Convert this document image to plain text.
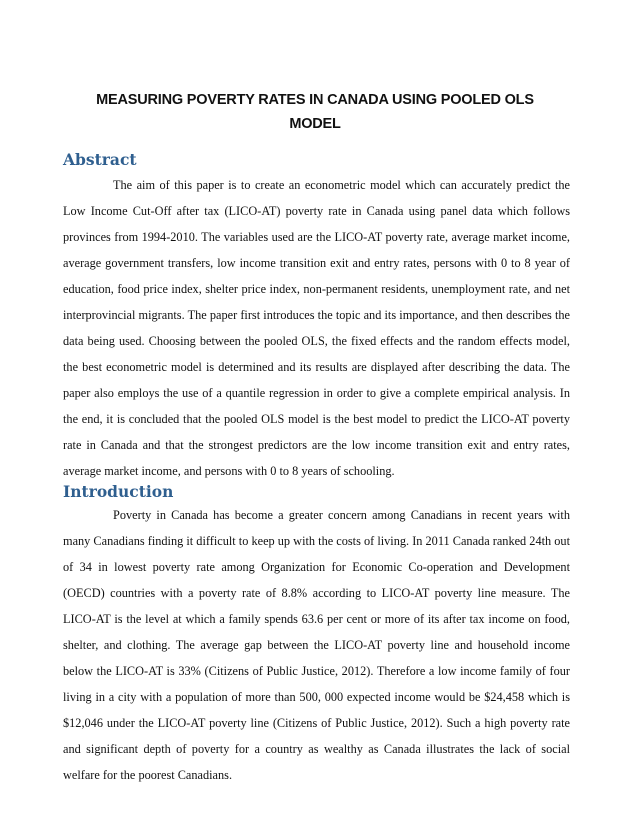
MEASURING POVERTY RATES IN CANADA USING POOLED OLS
MODEL
Abstract

The aim of this paper is to create an econometric model which can accurately predict the Low Income Cut-Off after tax (LICO-AT) poverty rate in Canada using panel data which follows provinces from 1994-2010. The variables used are the LICO-AT poverty rate, average market income, average government transfers, low income transition exit and entry rates, persons with 0 to 8 year of education, food price index, shelter price index, non-permanent residents, unemployment rate, and net interprovincial migrants. The paper first introduces the topic and its importance, and then describes the data being used. Choosing between the pooled OLS, the fixed effects and the random effects model, the best econometric model is determined and its results are displayed after describing the data. The paper also employs the use of a quantile regression in order to give a complete empirical analysis. In the end, it is concluded that the pooled OLS model is the best model to predict the LICO-AT poverty rate in Canada and that the strongest predictors are the low income transition exit and entry rates, average market income, and persons with 0 to 8 years of schooling.

Introduction

Poverty in Canada has become a greater concern among Canadians in recent years with many Canadians finding it difficult to keep up with the costs of living. In 2011 Canada ranked 24th out of 34 in lowest poverty rate among Organization for Economic Co-operation and Development (OECD) countries with a poverty rate of 8.8% according to LICO-AT poverty line measure. The LICO-AT is the level at which a family spends 63.6 per cent or more of its after tax income on food, shelter, and clothing. The average gap between the LICO-AT poverty line and household income below the LICO-AT is 33% (Citizens of Public Justice, 2012). Therefore a low income family of four living in a city with a population of more than 500, 000 expected income would be $24,458 which is $12,046 under the LICO-AT poverty line (Citizens of Public Justice, 2012). Such a high poverty rate and significant depth of poverty for a country as wealthy as Canada illustrates the lack of social welfare for the poorest Canadians.
